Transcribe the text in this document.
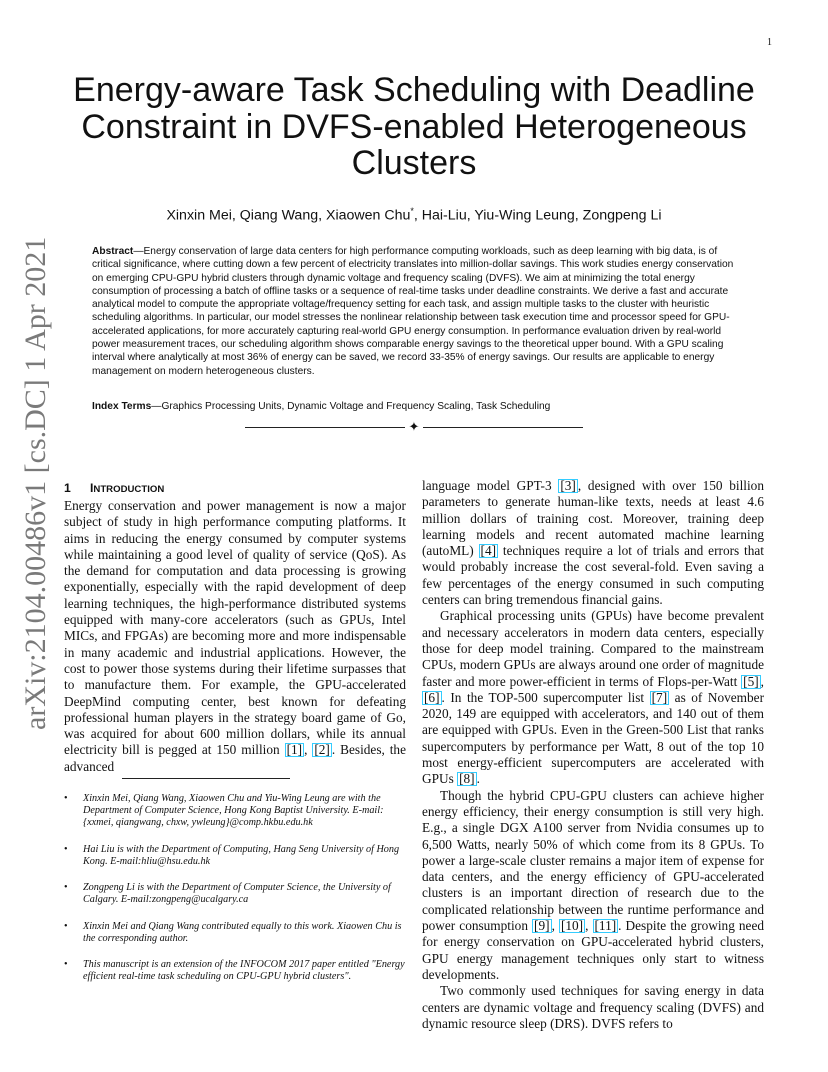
1
arXiv:2104.00486v1 [cs.DC] 1 Apr 2021
Energy-aware Task Scheduling with Deadline Constraint in DVFS-enabled Heterogeneous Clusters
Xinxin Mei, Qiang Wang, Xiaowen Chu*, Hai-Liu, Yiu-Wing Leung, Zongpeng Li

Abstract—Energy conservation of large data centers for high performance computing workloads, such as deep learning with big data, is of critical significance, where cutting down a few percent of electricity translates into million-dollar savings. This work studies energy conservation on emerging CPU-GPU hybrid clusters through dynamic voltage and frequency scaling (DVFS). We aim at minimizing the total energy consumption of processing a batch of offline tasks or a sequence of real-time tasks under deadline constraints. We derive a fast and accurate analytical model to compute the appropriate voltage/frequency setting for each task, and assign multiple tasks to the cluster with heuristic scheduling algorithms. In particular, our model stresses the nonlinear relationship between task execution time and processor speed for GPU-accelerated applications, for more accurately capturing real-world GPU energy consumption. In performance evaluation driven by real-world power measurement traces, our scheduling algorithm shows comparable energy savings to the theoretical upper bound. With a GPU scaling interval where analytically at most 36% of energy can be saved, we record 33-35% of energy savings. Our results are applicable to energy management on modern heterogeneous clusters.

Index Terms—Graphics Processing Units, Dynamic Voltage and Frequency Scaling, Task Scheduling
✦
1 INTRODUCTION

Energy conservation and power management is now a major subject of study in high performance computing platforms. It aims in reducing the energy consumed by computer systems while maintaining a good level of quality of service (QoS). As the demand for computation and data processing is growing exponentially, especially with the rapid development of deep learning techniques, the high-performance distributed systems equipped with many-core accelerators (such as GPUs, Intel MICs, and FPGAs) are becoming more and more indispensable in many academic and industrial applications. However, the cost to power those systems during their lifetime surpasses that to manufacture them. For example, the GPU-accelerated DeepMind computing center, best known for defeating professional human players in the strategy board game of Go, was acquired for about 600 million dollars, while its annual electricity bill is pegged at 150 million [1] , [2] . Besides, the advanced

• Xinxin Mei, Qiang Wang, Xiaowen Chu and Yiu-Wing Leung are with the Department of Computer Science, Hong Kong Baptist University. E-mail: {xxmei, qiangwang, chxw, ywleung}@comp.hkbu.edu.hk
• Hai Liu is with the Department of Computing, Hang Seng University of Hong Kong. E-mail:hliu@hsu.edu.hk
• Zongpeng Li is with the Department of Computer Science, the University of Calgary. E-mail:zongpeng@ucalgary.ca
• Xinxin Mei and Qiang Wang contributed equally to this work. Xiaowen Chu is the corresponding author.
• This manuscript is an extension of the INFOCOM 2017 paper entitled "Energy efficient real-time task scheduling on CPU-GPU hybrid clusters".

language model GPT-3 [3] , designed with over 150 billion parameters to generate human-like texts, needs at least 4.6 million dollars of training cost. Moreover, training deep learning models and recent automated machine learning (autoML) [4] techniques require a lot of trials and errors that would probably increase the cost several-fold. Even saving a few percentages of the energy consumed in such computing centers can bring tremendous financial gains.

Graphical processing units (GPUs) have become prevalent and necessary accelerators in modern data centers, especially those for deep model training. Compared to the mainstream CPUs, modern GPUs are always around one order of magnitude faster and more power-efficient in terms of Flops-per-Watt [5] , [6] . In the TOP-500 supercomputer list [7] as of November 2020, 149 are equipped with accelerators, and 140 out of them are equipped with GPUs. Even in the Green-500 List that ranks supercomputers by performance per Watt, 8 out of the top 10 most energy-efficient supercomputers are accelerated with GPUs [8] .

Though the hybrid CPU-GPU clusters can achieve higher energy efficiency, their energy consumption is still very high. E.g., a single DGX A100 server from Nvidia consumes up to 6,500 Watts, nearly 50% of which come from its 8 GPUs. To power a large-scale cluster remains a major item of expense for data centers, and the energy efficiency of GPU-accelerated clusters is an important direction of research due to the complicated relationship between the runtime performance and power consumption [9] , [10] , [11] . Despite the growing need for energy conservation on GPU-accelerated hybrid clusters, GPU energy management techniques only start to witness developments.

Two commonly used techniques for saving energy in data centers are dynamic voltage and frequency scaling (DVFS) and dynamic resource sleep (DRS). DVFS refers to
